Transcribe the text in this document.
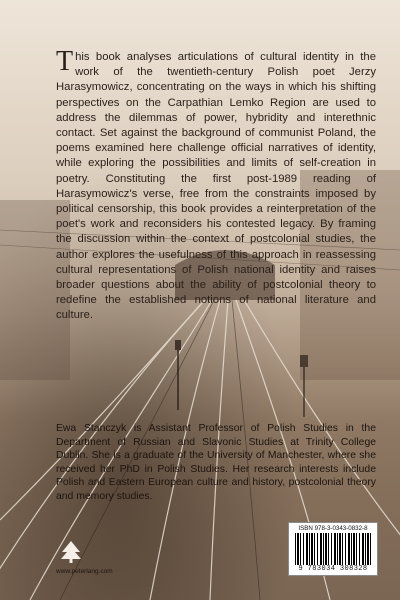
This book analyses articulations of cultural identity in the work of the twentieth-century Polish poet Jerzy Harasymowicz, concentrating on the ways in which his shifting perspectives on the Carpathian Lemko Region are used to address the dilemmas of power, hybridity and interethnic contact. Set against the background of communist Poland, the poems examined here challenge official narratives of identity, while exploring the possibilities and limits of self-creation in poetry. Constituting the first post-1989 reading of Harasymowicz's verse, free from the constraints imposed by political censorship, this book provides a reinterpretation of the poet's work and reconsiders his contested legacy. By framing the discussion within the context of postcolonial studies, the author explores the usefulness of this approach in reassessing cultural representations of Polish national identity and raises broader questions about the ability of postcolonial theory to redefine the established notions of national literature and culture.

Ewa Stanczyk is Assistant Professor of Polish Studies in the Department of Russian and Slavonic Studies at Trinity College Dublin. She is a graduate of the University of Manchester, where she received her PhD in Polish Studies. Her research interests include Polish and Eastern European culture and history, postcolonial theory and memory studies.

ISBN 978-3-0343-0832-8
9 783034 308328
www.peterlang.com
